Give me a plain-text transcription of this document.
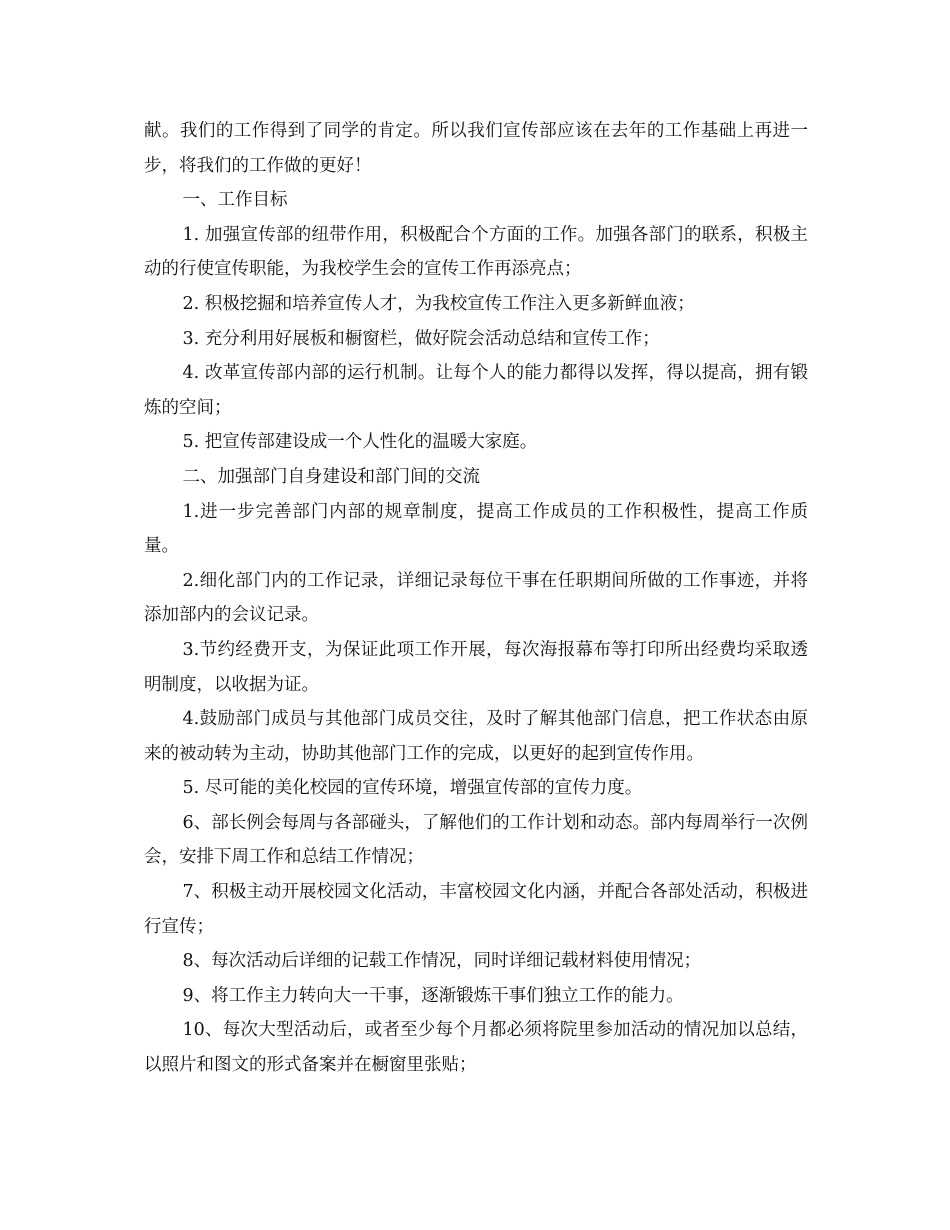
献。我们的工作得到了同学的肯定。所以我们宣传部应该在去年的工作基础上再进一步，将我们的工作做的更好！

一、工作目标

1. 加强宣传部的纽带作用，积极配合个方面的工作。加强各部门的联系，积极主动的行使宣传职能，为我校学生会的宣传工作再添亮点；

2. 积极挖掘和培养宣传人才，为我校宣传工作注入更多新鲜血液；

3. 充分利用好展板和橱窗栏，做好院会活动总结和宣传工作；

4. 改革宣传部内部的运行机制。让每个人的能力都得以发挥，得以提高，拥有锻炼的空间；

5. 把宣传部建设成一个人性化的温暖大家庭。

二、加强部门自身建设和部门间的交流

1.进一步完善部门内部的规章制度，提高工作成员的工作积极性，提高工作质量。

2.细化部门内的工作记录，详细记录每位干事在任职期间所做的工作事迹，并将添加部内的会议记录。

3.节约经费开支，为保证此项工作开展，每次海报幕布等打印所出经费均采取透明制度，以收据为证。

4.鼓励部门成员与其他部门成员交往，及时了解其他部门信息，把工作状态由原来的被动转为主动，协助其他部门工作的完成，以更好的起到宣传作用。

5. 尽可能的美化校园的宣传环境，增强宣传部的宣传力度。

6、部长例会每周与各部碰头，了解他们的工作计划和动态。部内每周举行一次例会，安排下周工作和总结工作情况；

7、积极主动开展校园文化活动，丰富校园文化内涵，并配合各部处活动，积极进行宣传；

8、每次活动后详细的记载工作情况，同时详细记载材料使用情况；

9、将工作主力转向大一干事，逐渐锻炼干事们独立工作的能力。

10、每次大型活动后，或者至少每个月都必须将院里参加活动的情况加以总结，以照片和图文的形式备案并在橱窗里张贴；
